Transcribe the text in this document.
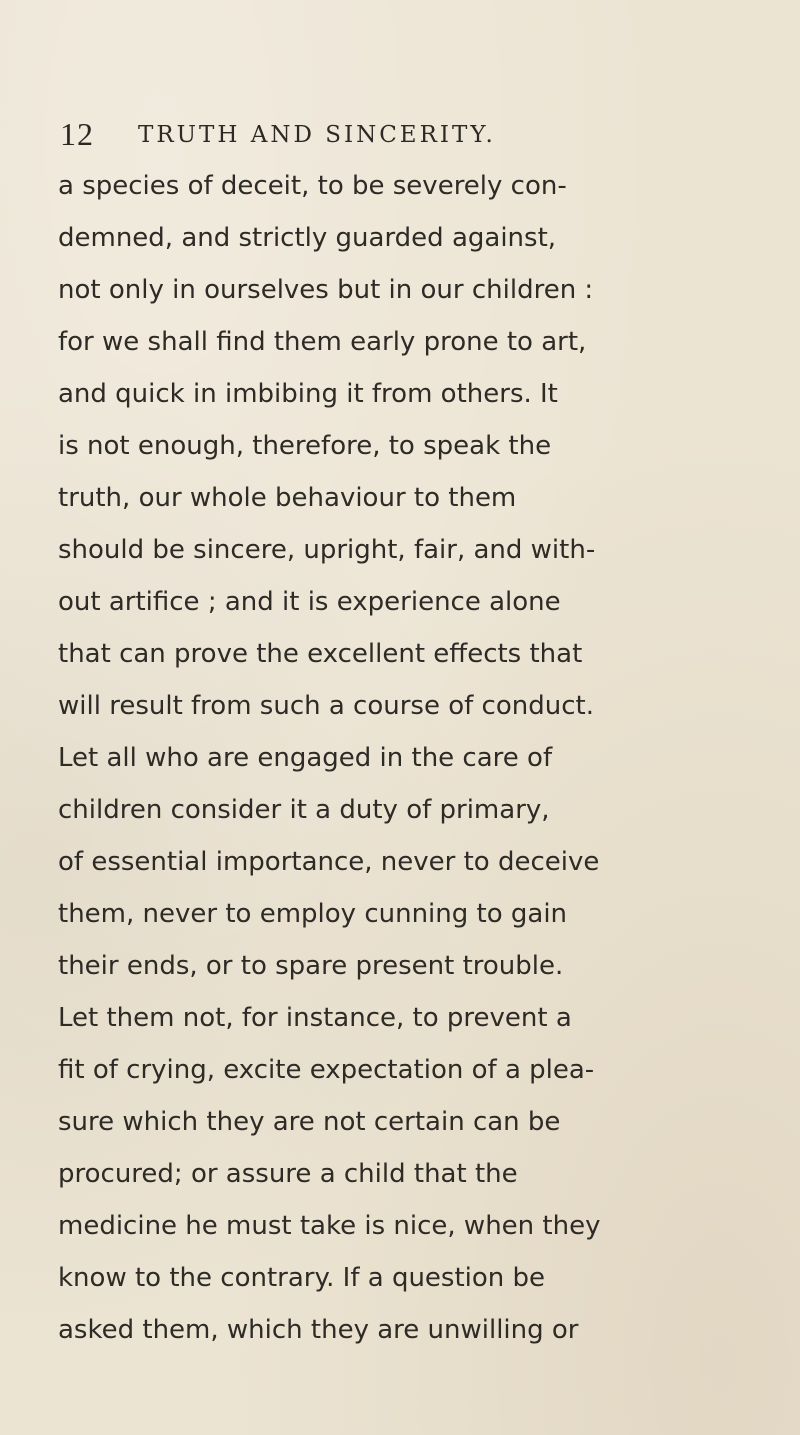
12 TRUTH AND SINCERITY.
a species of deceit, to be severely con-
demned, and strictly guarded against,
not only in ourselves but in our children :
for we shall find them early prone to art,
and quick in imbibing it from others. It
is not enough, therefore, to speak the
truth, our whole behaviour to them
should be sincere, upright, fair, and with-
out artifice ; and it is experience alone
that can prove the excellent effects that
will result from such a course of conduct.
Let all who are engaged in the care of
children consider it a duty of primary,
of essential importance, never to deceive
them, never to employ cunning to gain
their ends, or to spare present trouble.
Let them not, for instance, to prevent a
fit of crying, excite expectation of a plea-
sure which they are not certain can be
procured; or assure a child that the
medicine he must take is nice, when they
know to the contrary. If a question be
asked them, which they are unwilling or
